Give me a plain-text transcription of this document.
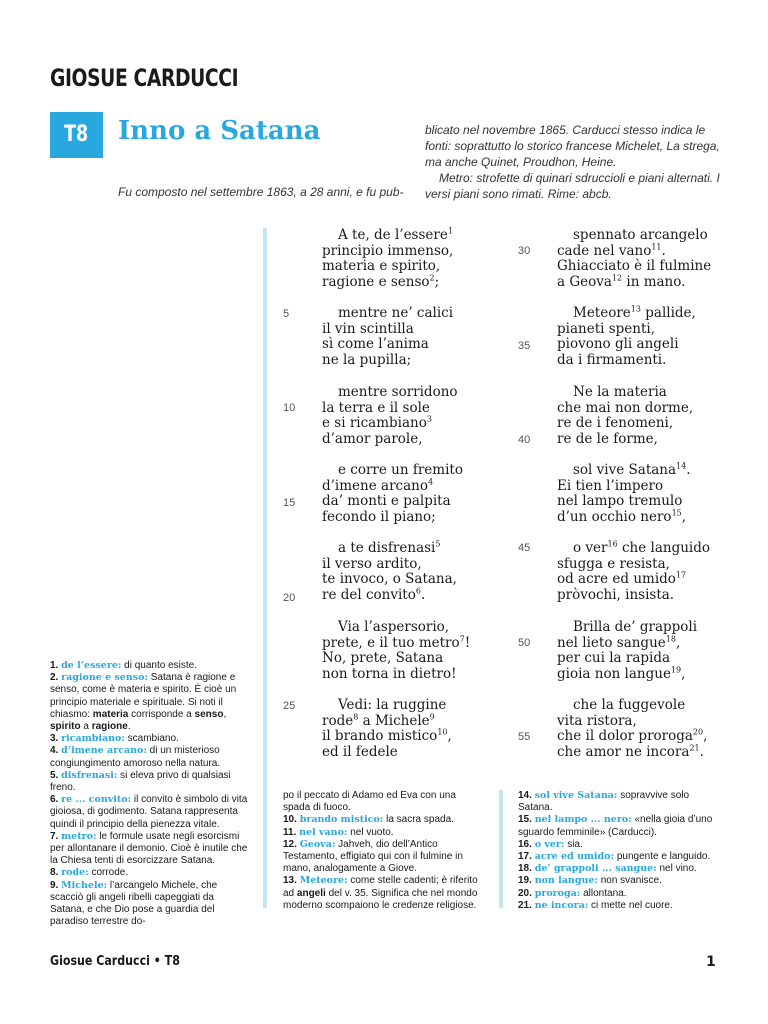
GIOSUE CARDUCCI
T8	Inno a Satana
Fu composto nel settembre 1863, a 28 anni, e fu pub-

blicato nel novembre 1865. Carducci stesso indica le fonti: soprattutto lo storico francese Michelet, La strega, ma anche Quinet, Proudhon, Heine.

Metro: strofette di quinari sdruccioli e piani alternati. I versi piani sono rimati. Rime: abcb.

A te, de l’essere$^1$
principio immenso,
materia e spirito,
ragione e senso$^2$;
mentre ne’ calici
il vin scintilla
sì come l’anima
ne la pupilla;
mentre sorridono
la terra e il sole
e si ricambiano$^3$
d’amor parole,
e corre un fremito
d’imene arcano$^4$
da’ monti e palpita
fecondo il piano;
a te disfrenasi$^5$
il verso ardito,
te invoco, o Satana,
re del convito$^6$.
Via l’aspersorio,
prete, e il tuo metro$^7$!
No, prete, Satana
non torna in dietro!
Vedi: la ruggine
rode$^8$ a Michele$^9$
il brando mistico$^{10}$,
ed il fedele
spennato arcangelo
cade nel vano$^{11}$.
Ghiacciato è il fulmine
a Geova$^{12}$ in mano.
Meteore$^{13}$ pallide,
pianeti spenti,
piovono gli angeli
da i firmamenti.
Ne la materia
che mai non dorme,
re de i fenomeni,
re de le forme,
sol vive Satana$^{14}$.
Ei tien l’impero
nel lampo tremulo
d’un occhio nero$^{15}$,
o ver$^{16}$ che languido
sfugga e resista,
od acre ed umido$^{17}$
pròvochi, insista.
Brilla de’ grappoli
nel lieto sangue$^{18}$,
per cui la rapida
gioia non langue$^{19}$,
che la fuggevole
vita ristora,
che il dolor proroga$^{20}$,
che amor ne incora$^{21}$.
5
10
15
20
25
30
35
40
45
50
55

1. de l’essere: di quanto esiste.

2. ragione e senso: Satana è ragione e senso, come è materia e spirito. È cioè un principio materiale e spirituale. Si noti il chiasmo: materia corrisponde a senso, spirito a ragione.

3. ricambiano: scambiano.

4. d’imene arcano: di un misterioso congiungimento amoroso nella natura.

5. disfrenasi: si eleva privo di qualsiasi freno.

6. re ... convito: il convito è simbolo di vita gioiosa, di godimento. Satana rappresenta quindi il principio della pienezza vitale.

7. metro: le formule usate negli esorcismi per allontanare il demonio. Cioè è inutile che la Chiesa tenti di esorcizzare Satana.

8. rode: corrode.

9. Michele: l’arcangelo Michele, che scacciò gli angeli ribelli capeggiati da Satana, e che Dio pose a guardia del paradiso terrestre do-

po il peccato di Adamo ed Eva con una spada di fuoco.

10. brando mistico: la sacra spada.

11. nel vano: nel vuoto.

12. Geova: Jahveh, dio dell’Antico Testamento, effigiato qui con il fulmine in mano, analogamente a Giove.

13. Meteore: come stelle cadenti; è riferito ad angeli del v. 35. Significa che nel mondo moderno scompaiono le credenze religiose.

14. sol vive Satana: sopravvive solo Satana.

15. nel lampo ... nero: «nella gioia d’uno sguardo femminile» (Carducci).

16. o ver: sia.

17. acre ed umido: pungente e languido.

18. de’ grappoli ... sangue: nel vino.

19. non langue: non svanisce.

20. proroga: allontana.

21. ne incora: ci mette nel cuore.

Giosue Carducci • T8	1
